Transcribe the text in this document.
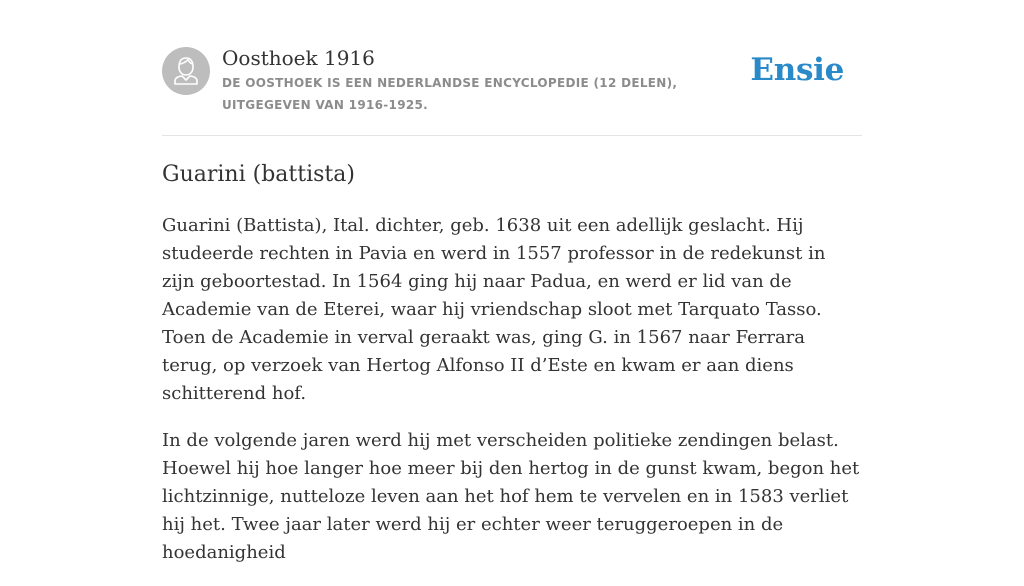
Oosthoek 1916
DE OOSTHOEK IS EEN NEDERLANDSE ENCYCLOPEDIE (12 DELEN), UITGEGEVEN VAN 1916-1925.
Ensie
Guarini (battista)

Guarini (Battista), Ital. dichter, geb. 1638 uit een adellijk geslacht. Hij studeerde rechten in Pavia en werd in 1557 professor in de redekunst in zijn geboortestad. In 1564 ging hij naar Padua, en werd er lid van de Academie van de Eterei, waar hij vriendschap sloot met Tarquato Tasso. Toen de Academie in verval geraakt was, ging G. in 1567 naar Ferrara terug, op verzoek van Hertog Alfonso II d’Este en kwam er aan diens schitterend hof.

In de volgende jaren werd hij met verscheiden politieke zendingen belast. Hoewel hij hoe langer hoe meer bij den hertog in de gunst kwam, begon het lichtzinnige, nutteloze leven aan het hof hem te vervelen en in 1583 verliet hij het. Twee jaar later werd hij er echter weer teruggeroepen in de hoedanigheid
